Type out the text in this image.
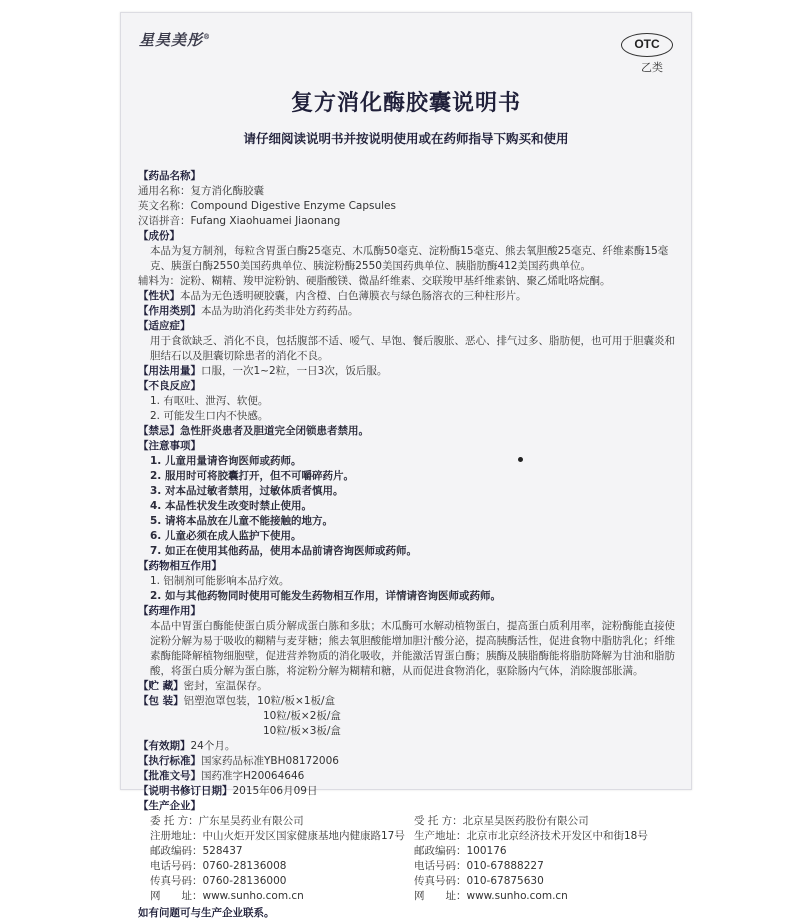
星昊美彤®
OTC
乙类
复方消化酶胶囊说明书
请仔细阅读说明书并按说明使用或在药师指导下购买和使用
【药品名称】
通用名称：复方消化酶胶囊
英文名称：Compound Digestive Enzyme Capsules
汉语拼音：Fufang Xiaohuamei Jiaonang
【成份】
本品为复方制剂，每粒含胃蛋白酶25毫克、木瓜酶50毫克、淀粉酶15毫克、熊去氧胆酸25毫克、纤维素酶15毫克、胰蛋白酶2550美国药典单位、胰淀粉酶2550美国药典单位、胰脂肪酶412美国药典单位。
辅料为：淀粉、糊精、羧甲淀粉钠、硬脂酸镁、微晶纤维素、交联羧甲基纤维素钠、聚乙烯吡咯烷酮。
【性状】本品为无色透明硬胶囊，内含橙、白色薄膜衣与绿色肠溶衣的三种柱形片。
【作用类别】本品为助消化药类非处方药药品。
【适应症】
用于食欲缺乏、消化不良，包括腹部不适、嗳气、早饱、餐后腹胀、恶心、排气过多、脂肪便，也可用于胆囊炎和胆结石以及胆囊切除患者的消化不良。
【用法用量】口服，一次1~2粒，一日3次，饭后服。
【不良反应】
1. 有呕吐、泄泻、软便。
2. 可能发生口内不快感。
【禁忌】急性肝炎患者及胆道完全闭锁患者禁用。
【注意事项】
1. 儿童用量请咨询医师或药师。
2. 服用时可将胶囊打开，但不可嚼碎药片。
3. 对本品过敏者禁用，过敏体质者慎用。
4. 本品性状发生改变时禁止使用。
5. 请将本品放在儿童不能接触的地方。
6. 儿童必须在成人监护下使用。
7. 如正在使用其他药品，使用本品前请咨询医师或药师。
【药物相互作用】
1. 铝制剂可能影响本品疗效。
2. 如与其他药物同时使用可能发生药物相互作用，详情请咨询医师或药师。
【药理作用】
本品中胃蛋白酶能使蛋白质分解成蛋白胨和多肽；木瓜酶可水解动植物蛋白，提高蛋白质利用率，淀粉酶能直接使淀粉分解为易于吸收的糊精与麦芽糖；熊去氧胆酸能增加胆汁酸分泌，提高胰酶活性，促进食物中脂肪乳化；纤维素酶能降解植物细胞壁，促进营养物质的消化吸收，并能激活胃蛋白酶；胰酶及胰脂酶能将脂肪降解为甘油和脂肪酸，将蛋白质分解为蛋白胨，将淀粉分解为糊精和糖，从而促进食物消化，驱除肠内气体，消除腹部胀满。
【贮 藏】密封，室温保存。
【包 装】铝塑泡罩包装，10粒/板×1板/盒
10粒/板×2板/盒
10粒/板×3板/盒
【有效期】24个月。
【执行标准】国家药品标准YBH08172006
【批准文号】国药准字H20064646
【说明书修订日期】2015年06月09日
【生产企业】
委 托 方：广东星昊药业有限公司
注册地址：中山火炬开发区国家健康基地内健康路17号
邮政编码：528437
电话号码：0760-28136008
传真号码：0760-28136000
网　　址：www.sunho.com.cn
受 托 方：北京星昊医药股份有限公司
生产地址：北京市北京经济技术开发区中和街18号
邮政编码：100176
电话号码：010-67888227
传真号码：010-67875630
网　　址：www.sunho.com.cn
如有问题可与生产企业联系。
